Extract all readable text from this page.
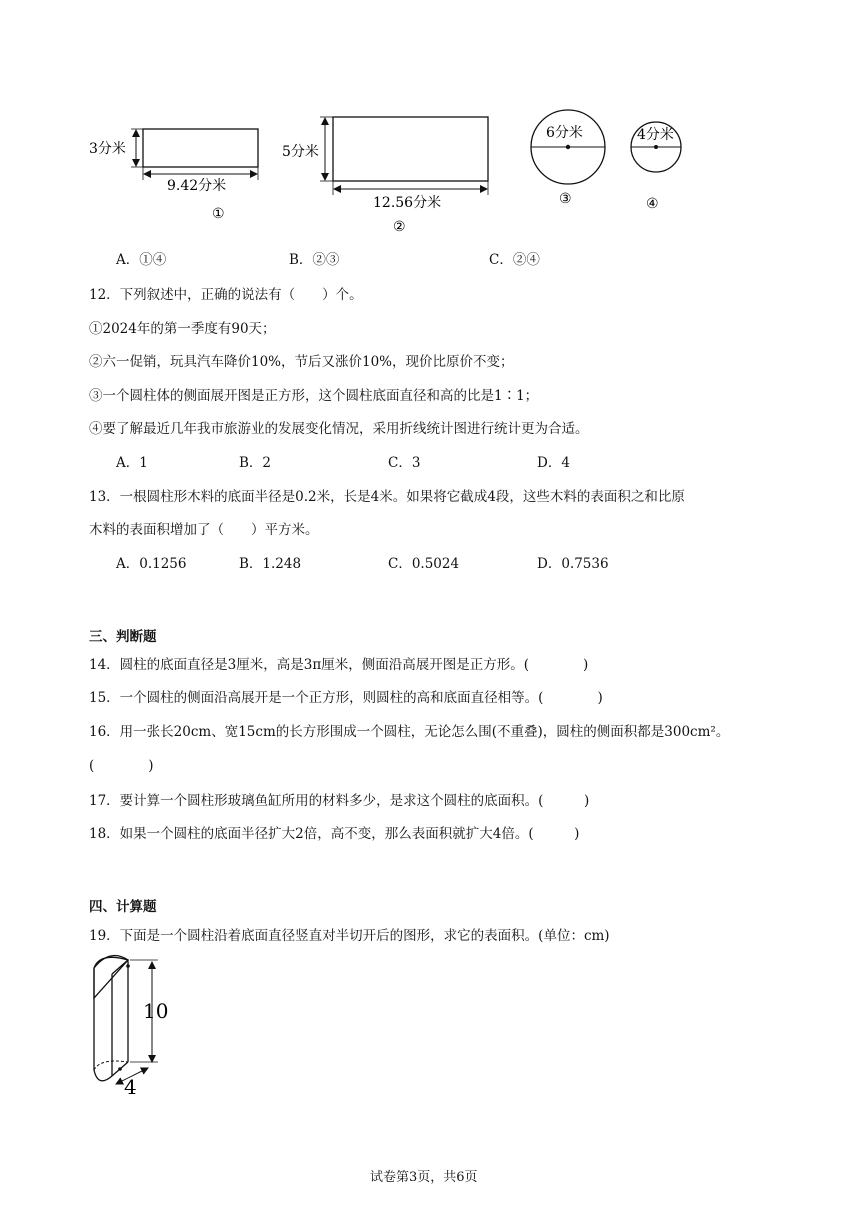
3分米
9.42分米
①
5分米
12.56分米
②
6分米
③
4分米
④
A．①④	B．②③	C．②④
12．下列叙述中，正确的说法有（　　）个。
①2024年的第一季度有90天；
②六一促销，玩具汽车降价10%，节后又涨价10%，现价比原价不变；
③一个圆柱体的侧面展开图是正方形，这个圆柱底面直径和高的比是1∶1；
④要了解最近几年我市旅游业的发展变化情况，采用折线统计图进行统计更为合适。
A．1	B．2	C．3	D．4
13．一根圆柱形木料的底面半径是0.2米，长是4米。如果将它截成4段，这些木料的表面积之和比原
木料的表面积增加了（　　）平方米。
A．0.1256	B．1.248	C．0.5024	D．0.7536
三、判断题
14．圆柱的底面直径是3厘米，高是3π厘米，侧面沿高展开图是正方形。(　　　　)
15．一个圆柱的侧面沿高展开是一个正方形，则圆柱的高和底面直径相等。(　　　　)
16．用一张长20cm、宽15cm的长方形围成一个圆柱，无论怎么围(不重叠)，圆柱的侧面积都是300cm²。
(　　　　)
17．要计算一个圆柱形玻璃鱼缸所用的材料多少，是求这个圆柱的底面积。(　　　)
18．如果一个圆柱的底面半径扩大2倍，高不变，那么表面积就扩大4倍。(　　　)
四、计算题
19．下面是一个圆柱沿着底面直径竖直对半切开后的图形，求它的表面积。(单位：cm)
10
4
试卷第3页，共6页
